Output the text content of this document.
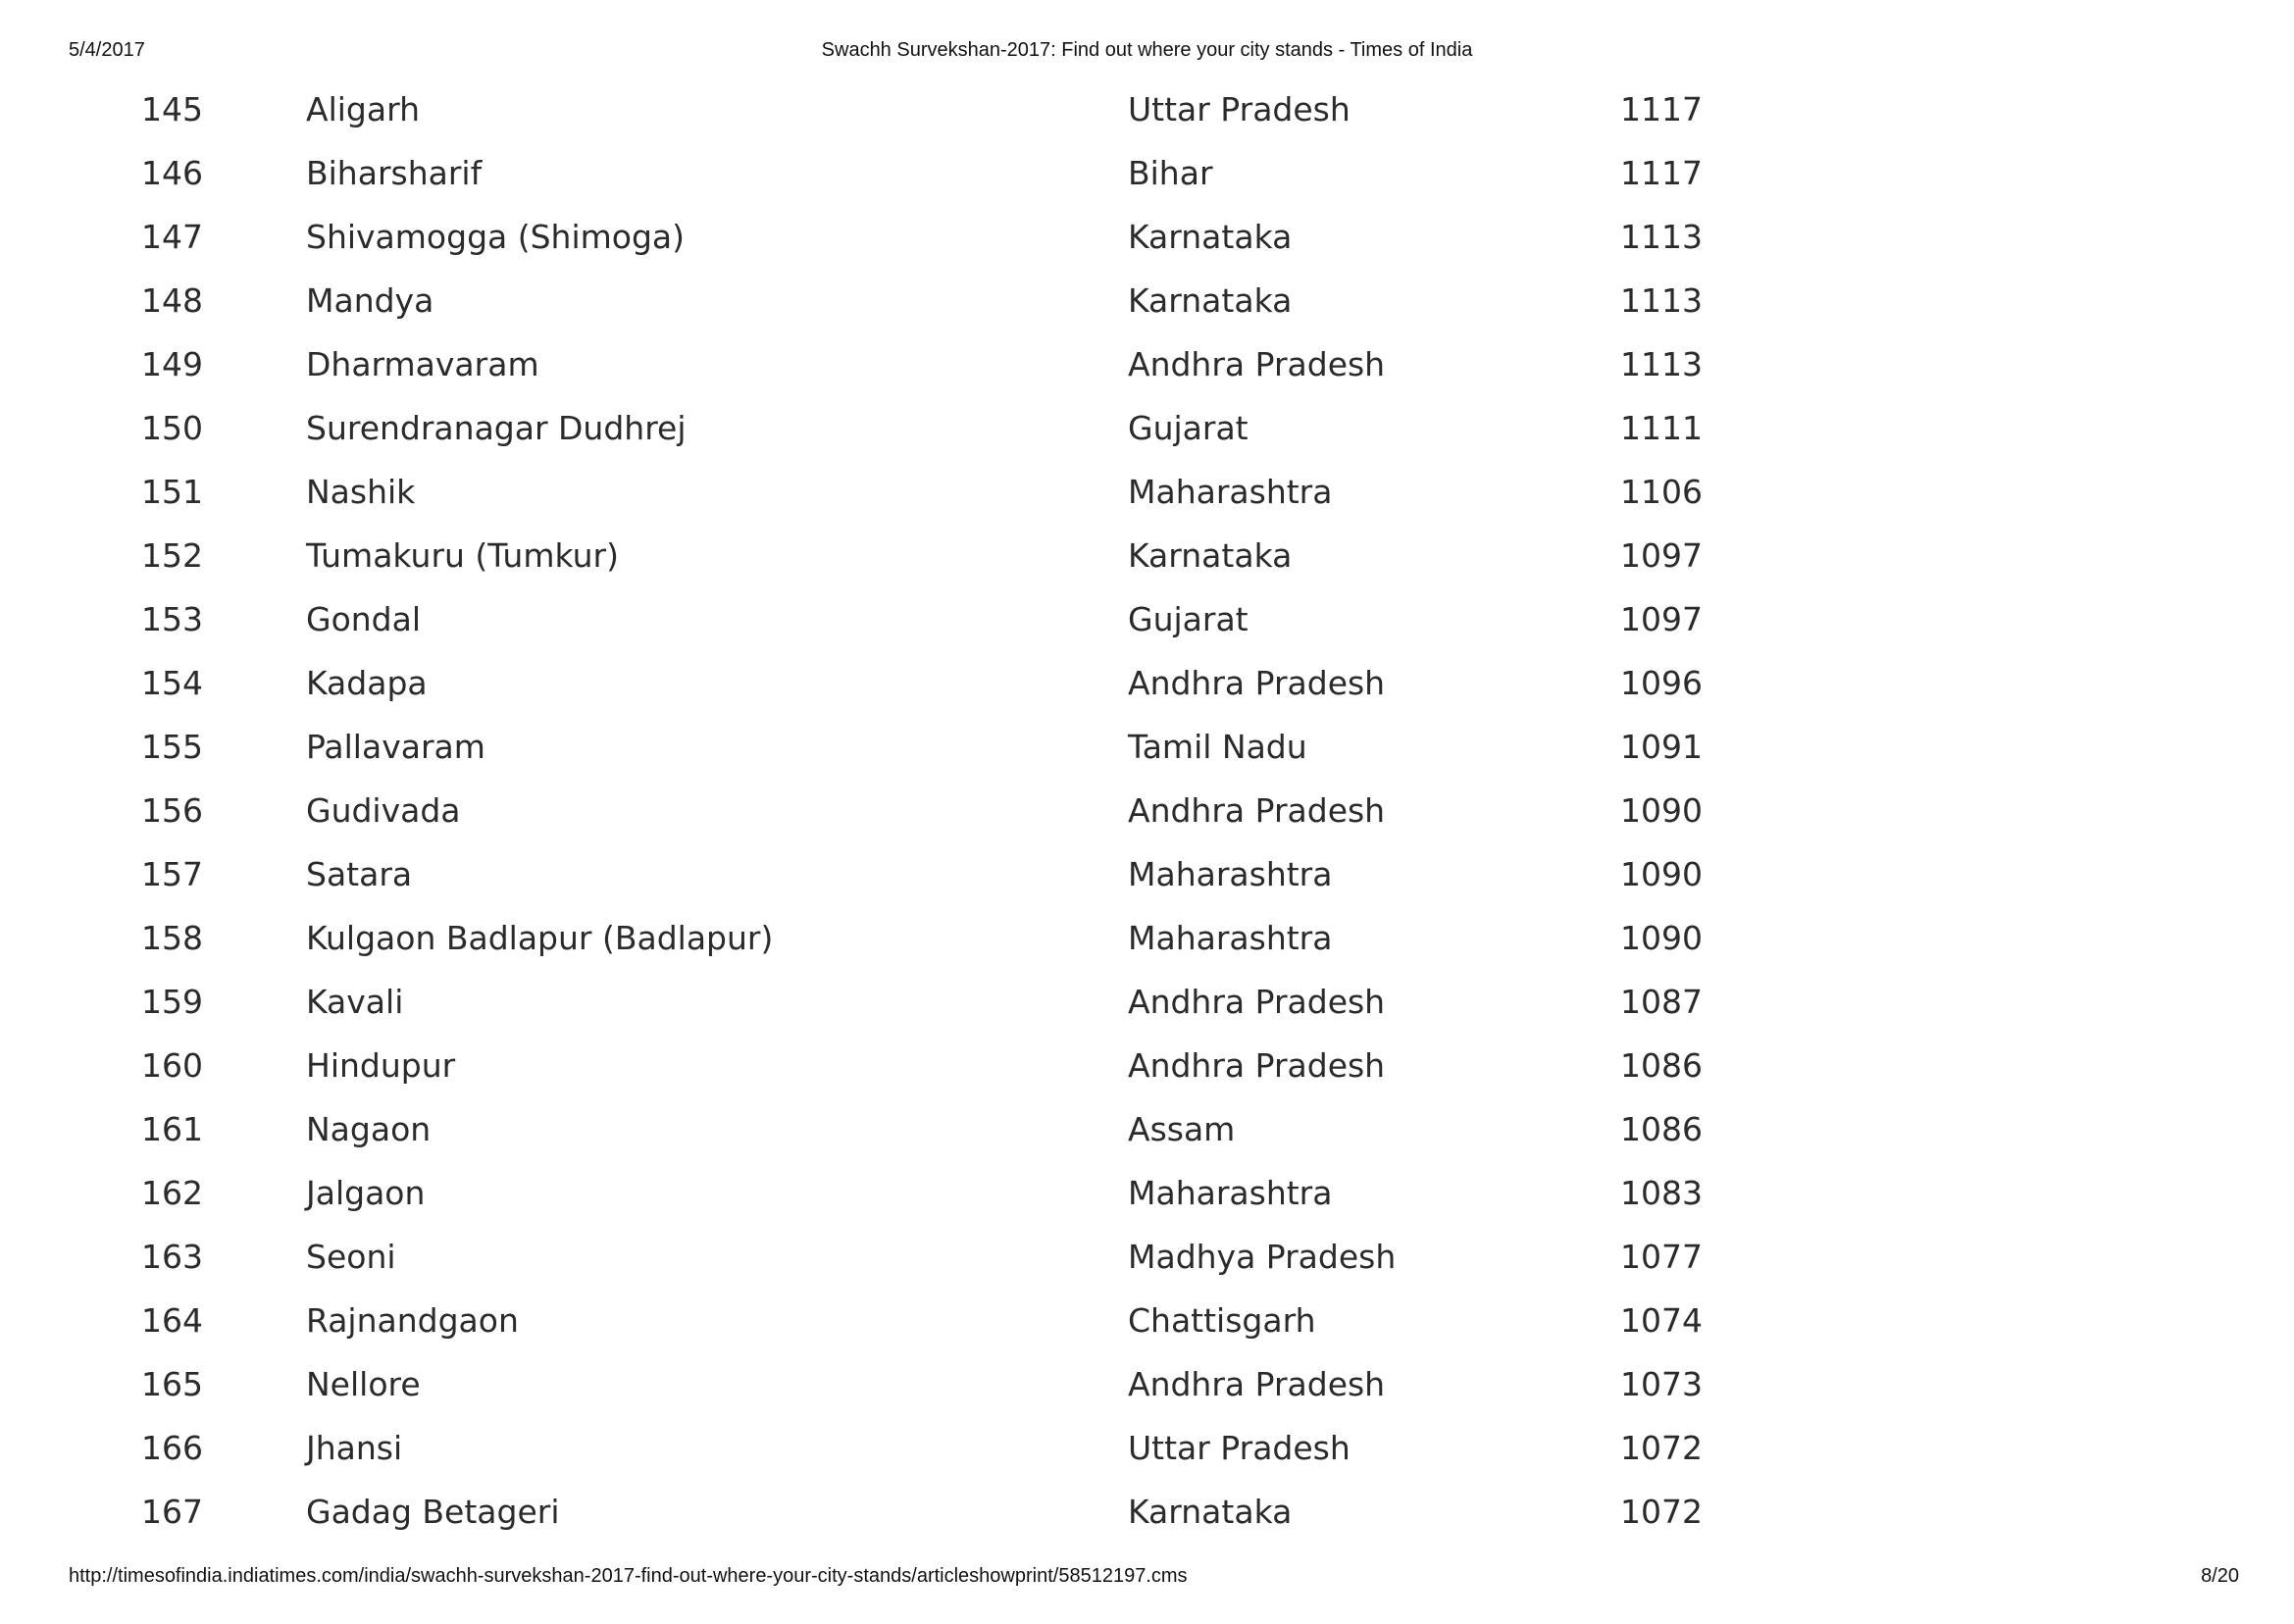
5/4/2017	Swachh Survekshan-2017: Find out where your city stands - Times of India
145	Aligarh	Uttar Pradesh	1117
146	Biharsharif	Bihar	1117
147	Shivamogga (Shimoga)	Karnataka	1113
148	Mandya	Karnataka	1113
149	Dharmavaram	Andhra Pradesh	1113
150	Surendranagar Dudhrej	Gujarat	1111
151	Nashik	Maharashtra	1106
152	Tumakuru (Tumkur)	Karnataka	1097
153	Gondal	Gujarat	1097
154	Kadapa	Andhra Pradesh	1096
155	Pallavaram	Tamil Nadu	1091
156	Gudivada	Andhra Pradesh	1090
157	Satara	Maharashtra	1090
158	Kulgaon Badlapur (Badlapur)	Maharashtra	1090
159	Kavali	Andhra Pradesh	1087
160	Hindupur	Andhra Pradesh	1086
161	Nagaon	Assam	1086
162	Jalgaon	Maharashtra	1083
163	Seoni	Madhya Pradesh	1077
164	Rajnandgaon	Chattisgarh	1074
165	Nellore	Andhra Pradesh	1073
166	Jhansi	Uttar Pradesh	1072
167	Gadag Betageri	Karnataka	1072
http://timesofindia.indiatimes.com/india/swachh-survekshan-2017-find-out-where-your-city-stands/articleshowprint/58512197.cms	8/20
